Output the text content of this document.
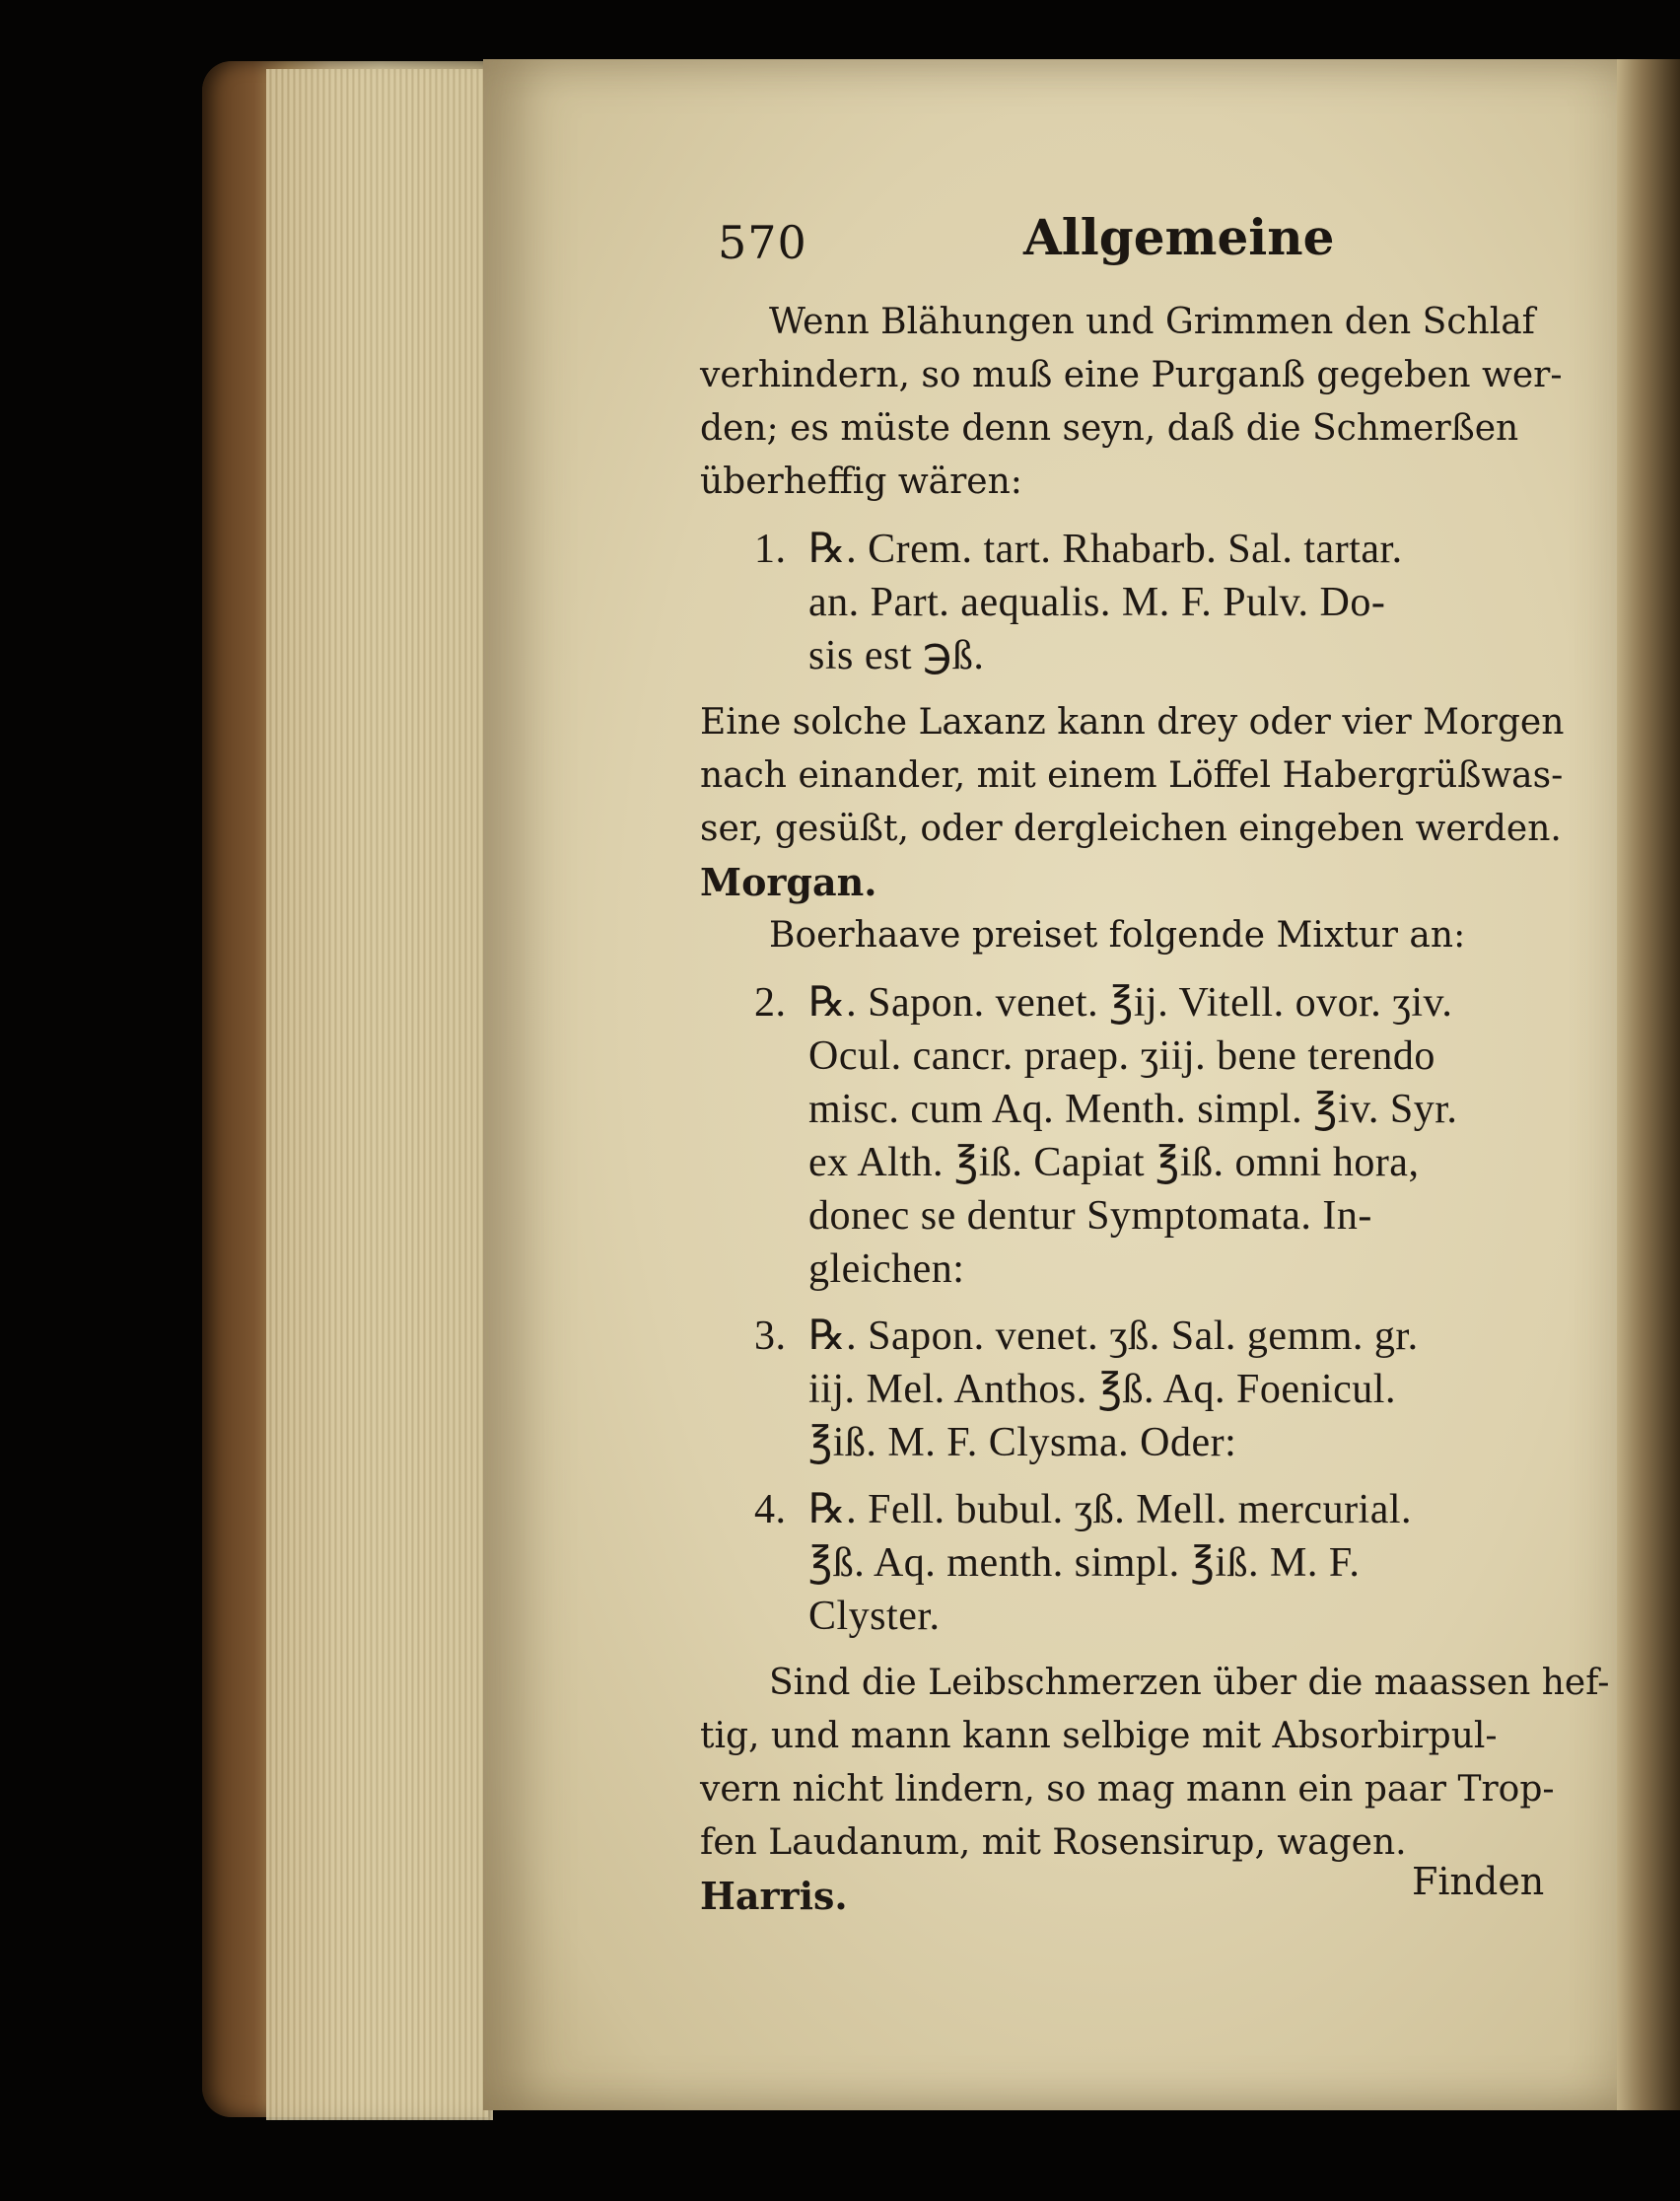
570	Allgemeine
Wenn Blähungen und Grimmen den Schlaf
verhindern, so muß eine Purganß gegeben wer-
den; es müste denn seyn, daß die Schmerßen
überheffig wären:
1. ℞. Crem. tart. Rhabarb. Sal. tartar.
an. Part. aequalis. M. F. Pulv. Do-
sis est ℈ß.
Eine solche Laxanz kann drey oder vier Morgen
nach einander, mit einem Löffel Habergrüßwas-
ser, gesüßt, oder dergleichen eingeben werden.
Morgan.
Boerhaave preiset folgende Mixtur an:
2. ℞. Sapon. venet. ℥ij. Vitell. ovor. ʒiv.
Ocul. cancr. praep. ʒiij. bene terendo
misc. cum Aq. Menth. simpl. ℥iv. Syr.
ex Alth. ℥iß. Capiat ℥iß. omni hora,
donec se dentur Symptomata. In-
gleichen:
3. ℞. Sapon. venet. ʒß. Sal. gemm. gr.
iij. Mel. Anthos. ℥ß. Aq. Foenicul.
℥iß. M. F. Clysma. Oder:
4. ℞. Fell. bubul. ʒß. Mell. mercurial.
℥ß. Aq. menth. simpl. ℥iß. M. F.
Clyster.
Sind die Leibschmerzen über die maassen hef-
tig, und mann kann selbige mit Absorbirpul-
vern nicht lindern, so mag mann ein paar Trop-
fen Laudanum, mit Rosensirup, wagen.
Harris.	Finden
